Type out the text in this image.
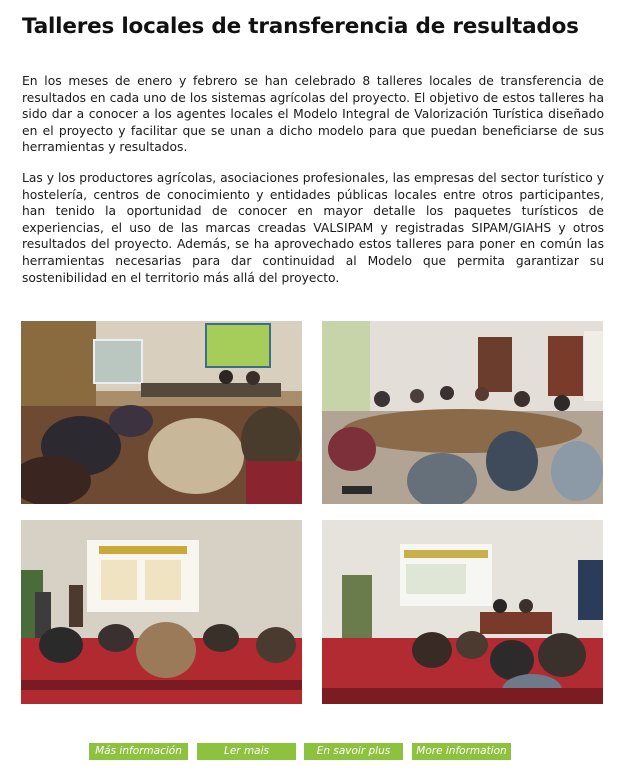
Talleres locales de transferencia de resultados

En los meses de enero y febrero se han celebrado 8 talleres locales de transferencia de resultados en cada uno de los sistemas agrícolas del proyecto. El objetivo de estos talleres ha sido dar a conocer a los agentes locales el Modelo Integral de Valorización Turística diseñado en el proyecto y facilitar que se unan a dicho modelo para que puedan beneficiarse de sus herramientas y resultados.

Las y los productores agrícolas, asociaciones profesionales, las empresas del sector turístico y hostelería, centros de conocimiento y entidades públicas locales entre otros participantes, han tenido la oportunidad de conocer en mayor detalle los paquetes turísticos de experiencias, el uso de las marcas creadas VALSIPAM y registradas SIPAM/GIAHS y otros resultados del proyecto. Además, se ha aprovechado estos talleres para poner en común las herramientas necesarias para dar continuidad al Modelo que permita garantizar su sostenibilidad en el territorio más allá del proyecto.

Más información	Ler mais	En savoir plus	More information
